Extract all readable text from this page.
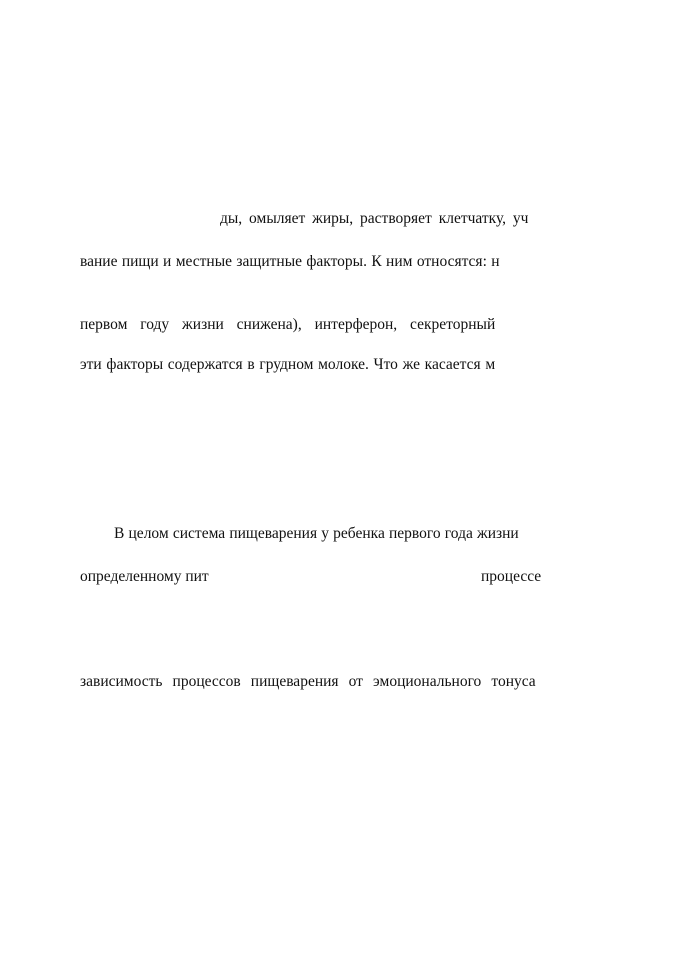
ды, омыляет жиры, растворяет клетчатку, уч
вание пищи и местные защитные факторы. К ним относятся: н
первом году жизни снижена), интерферон, секреторный
эти факторы содержатся в грудном молоке. Что же касается м
В целом система пищеварения у ребенка первого года жизни
определенному пит	процессе
зависимость процессов пищеварения от эмоционального тонуса
